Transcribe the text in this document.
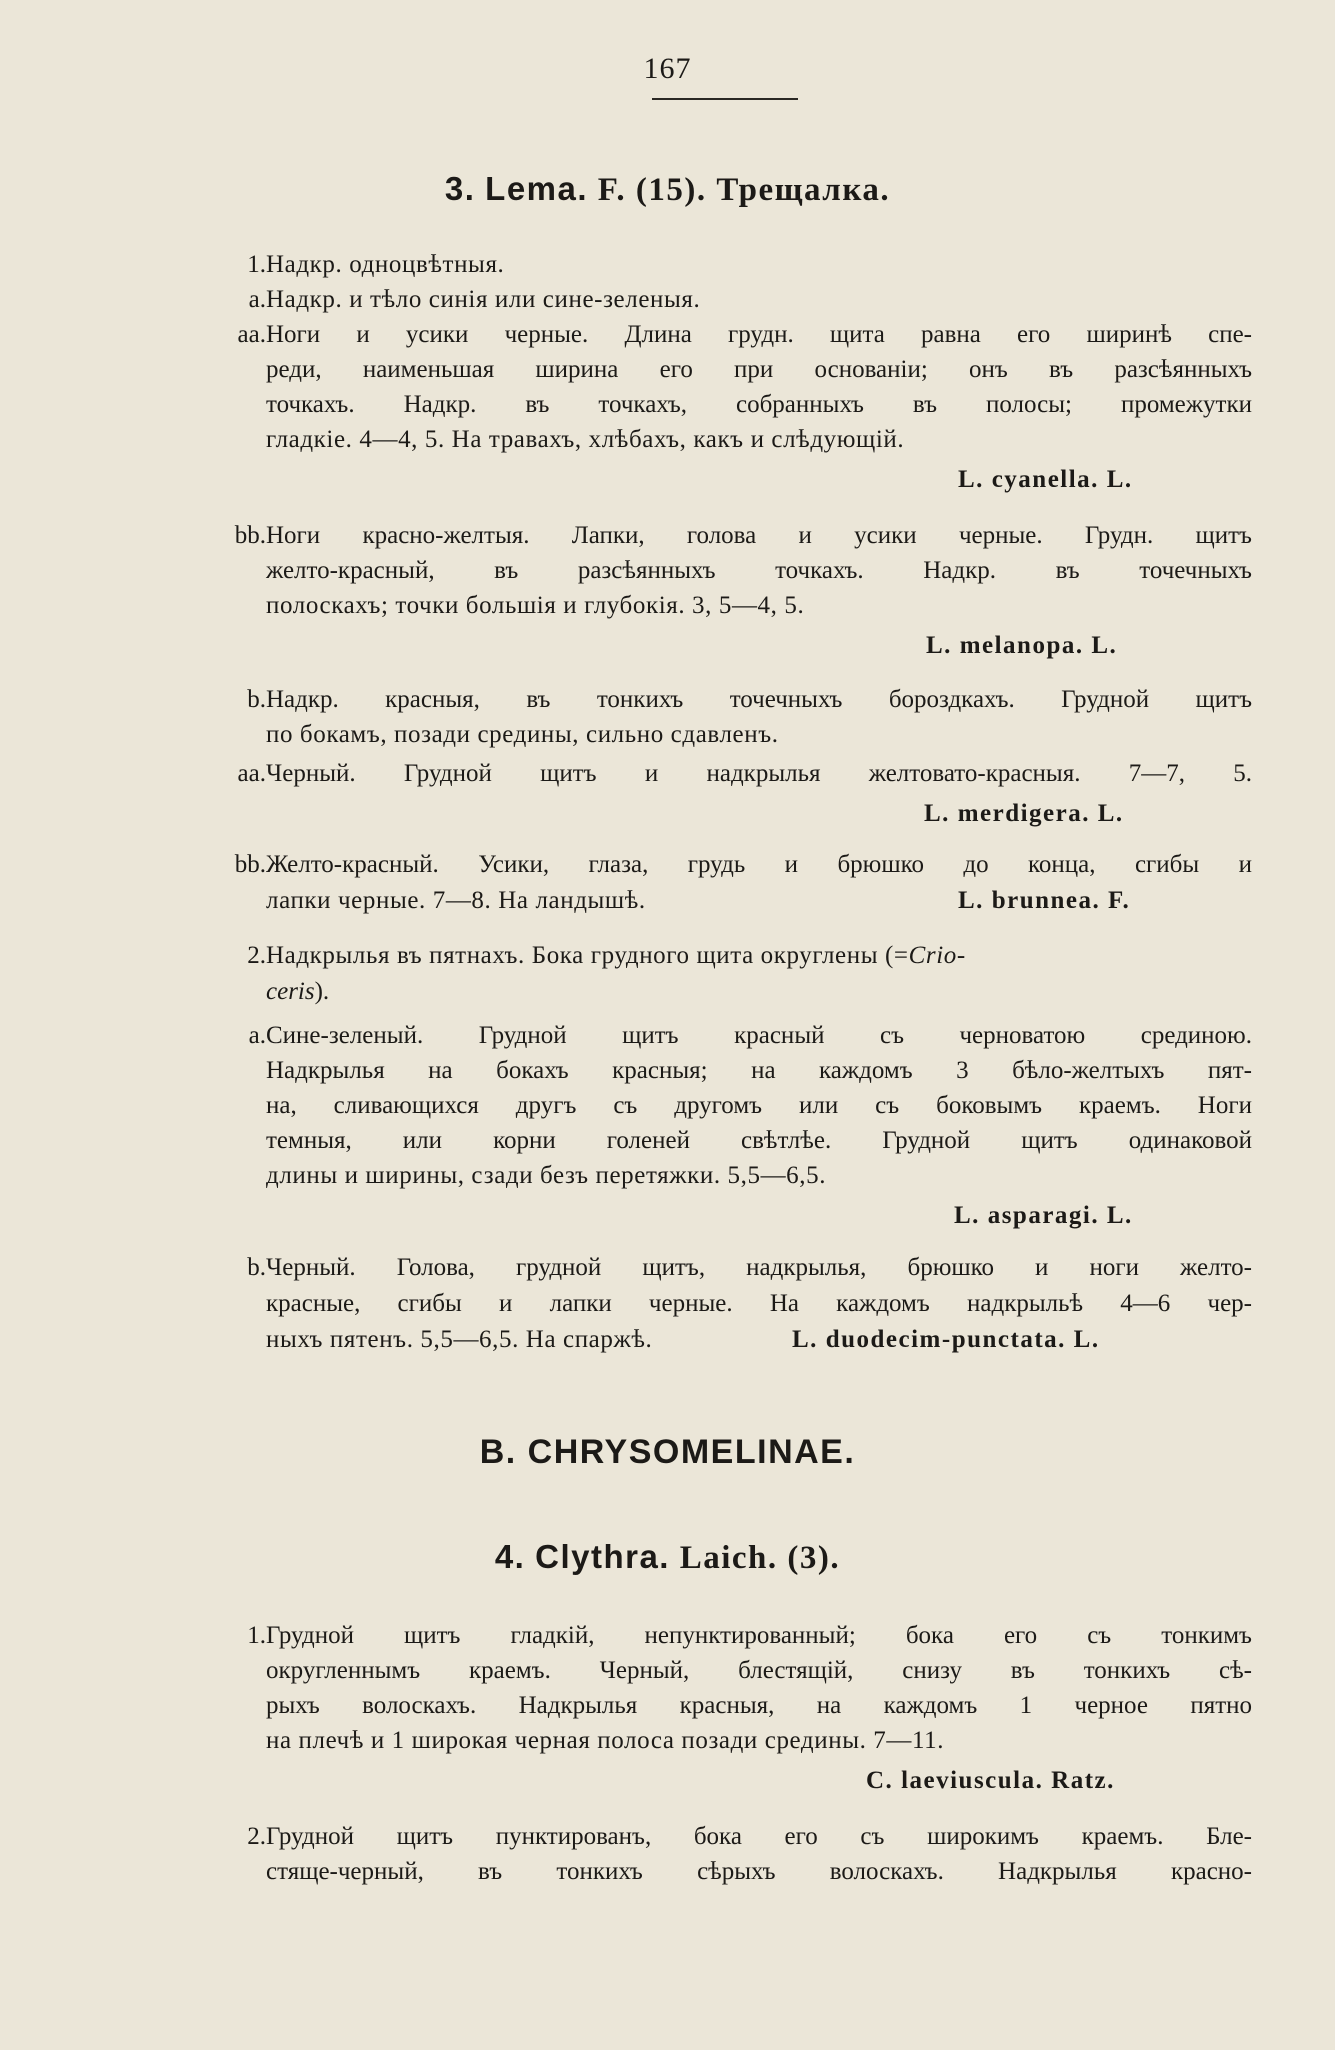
167
3. Lema. F. (15). Трещалка.
1. Надкр. одноцвѣтныя.
a. Надкр. и тѣло синія или сине-зеленыя.
aa. Ноги и усики черные. Длина грудн. щита равна его ширинѣ спе-
реди, наименьшая ширина его при основаніи; онъ въ разсѣянныхъ
точкахъ. Надкр. въ точкахъ, собранныхъ въ полосы; промежутки
гладкіе. 4—4, 5. На травахъ, хлѣбахъ, какъ и слѣдующій.
L. cyanella. L.
bb. Ноги красно-желтыя. Лапки, голова и усики черные. Грудн. щитъ
желто-красный, въ разсѣянныхъ точкахъ. Надкр. въ точечныхъ
полоскахъ; точки большія и глубокія. 3, 5—4, 5.
L. melanopa. L.
b. Надкр. красныя, въ тонкихъ точечныхъ бороздкахъ. Грудной щитъ
по бокамъ, позади средины, сильно сдавленъ.
aa. Черный. Грудной щитъ и надкрылья желтовато-красныя. 7—7, 5.
L. merdigera. L.
bb. Желто-красный. Усики, глаза, грудь и брюшко до конца, сгибы и
лапки черные. 7—8. На ландышѣ.	L. brunnea. F.
2. Надкрылья въ пятнахъ. Бока грудного щита округлены (=Crio-
ceris).
a. Сине-зеленый. Грудной щитъ красный съ черноватою срединою.
Надкрылья на бокахъ красныя; на каждомъ 3 бѣло-желтыхъ пят-
на, сливающихся другъ съ другомъ или съ боковымъ краемъ. Ноги
темныя, или корни голеней свѣтлѣе. Грудной щитъ одинаковой
длины и ширины, сзади безъ перетяжки. 5,5—6,5.
L. asparagi. L.
b. Черный. Голова, грудной щитъ, надкрылья, брюшко и ноги желто-
красные, сгибы и лапки черные. На каждомъ надкрыльѣ 4—6 чер-
ныхъ пятенъ. 5,5—6,5. На спаржѣ.	L. duodecim-punctata. L.
B. CHRYSOMELINAE.
4. Clythra. Laich. (3).
1. Грудной щитъ гладкій, непунктированный; бока его съ тонкимъ
округленнымъ краемъ. Черный, блестящій, снизу въ тонкихъ сѣ-
рыхъ волоскахъ. Надкрылья красныя, на каждомъ 1 черное пятно
на плечѣ и 1 широкая черная полоса позади средины. 7—11.
C. laeviuscula. Ratz.
2. Грудной щитъ пунктированъ, бока его съ широкимъ краемъ. Бле-
стяще-черный, въ тонкихъ сѣрыхъ волоскахъ. Надкрылья красно-
